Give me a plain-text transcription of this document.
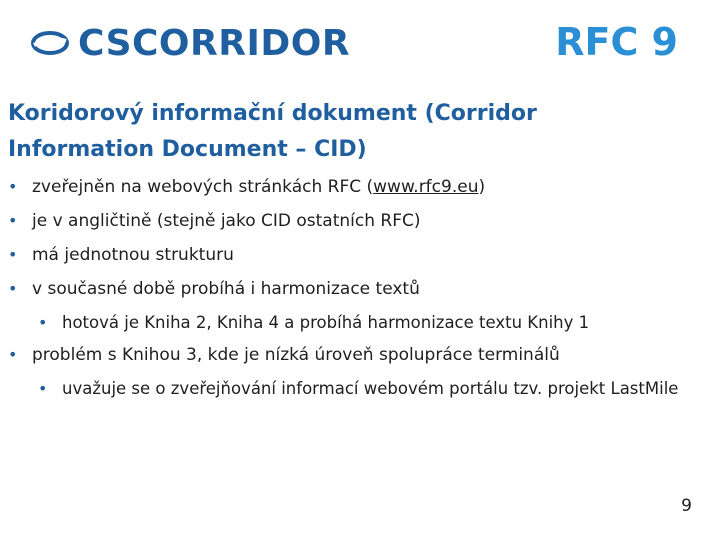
CSCORRIDOR	RFC 9
Koridorový informační dokument (Corridor Information Document – CID)
• zveřejněn na webových stránkách RFC (www.rfc9.eu)
• je v angličtině (stejně jako CID ostatních RFC)
• má jednotnou strukturu
• v současné době probíhá i harmonizace textů
• hotová je Kniha 2, Kniha 4 a probíhá harmonizace textu Knihy 1
• problém s Knihou 3, kde je nízká úroveň spolupráce terminálů
• uvažuje se o zveřejňování informací webovém portálu tzv. projekt LastMile
9
